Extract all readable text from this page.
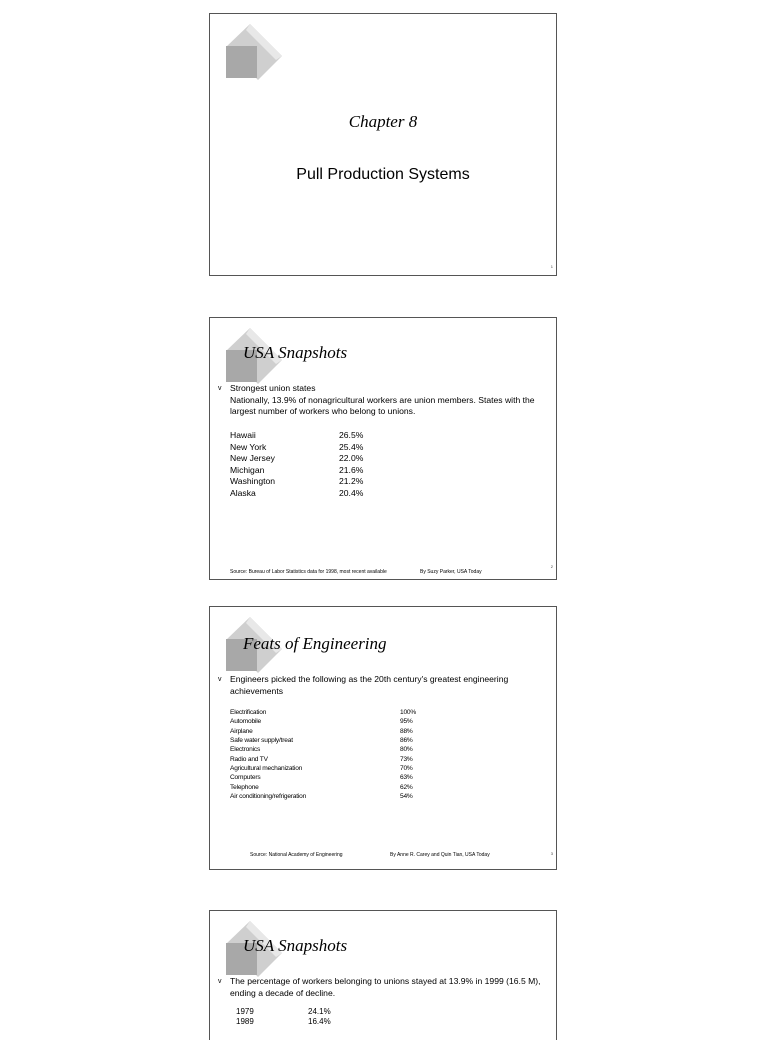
Chapter 8
Pull Production Systems
1
USA Snapshots
v Strongest union states
Nationally, 13.9% of nonagricultural workers are union members. States with the largest number of workers who belong to unions.
Hawaii	26.5%
New York	25.4%
New Jersey	22.0%
Michigan	21.6%
Washington	21.2%
Alaska	20.4%
Source: Bureau of Labor Statistics data for 1998, most recent available	By Suzy Parker, USA Today
2
Feats of Engineering
v Engineers picked the following as the 20th century's greatest engineering achievements
Electrification	100%
Automobile	95%
Airplane	88%
Safe water supply/treat	86%
Electronics	80%
Radio and TV	73%
Agricultural mechanization	70%
Computers	63%
Telephone	62%
Air conditioning/refrigeration	54%
Source: National Academy of Engineering	By Anne R. Carey and Quin Tian, USA Today	3
USA Snapshots
v The percentage of workers belonging to unions stayed at 13.9% in 1999 (16.5 M), ending a decade of decline.
1979	24.1%
1989	16.4%
